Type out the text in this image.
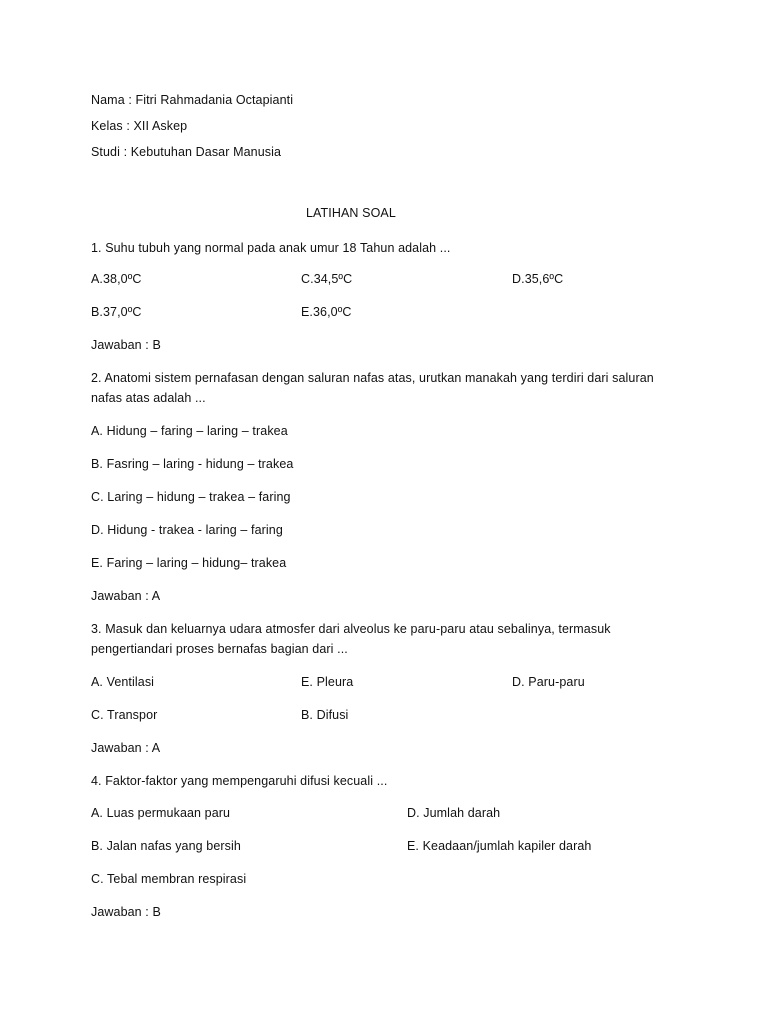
Nama : Fitri Rahmadania Octapianti
Kelas : XII Askep
Studi : Kebutuhan Dasar Manusia
LATIHAN SOAL
1. Suhu tubuh yang normal pada anak umur 18 Tahun adalah ...
A.38,0ºC	C.34,5ºC	D.35,6ºC
B.37,0ºC	E.36,0ºC
Jawaban : B
2. Anatomi sistem pernafasan dengan saluran nafas atas, urutkan manakah yang terdiri dari saluran
nafas atas adalah ...
A. Hidung – faring – laring – trakea
B. Fasring – laring - hidung – trakea
C. Laring – hidung – trakea – faring
D. Hidung - trakea - laring – faring
E. Faring – laring – hidung– trakea
Jawaban : A
3. Masuk dan keluarnya udara atmosfer dari alveolus ke paru-paru atau sebalinya, termasuk
pengertiandari proses bernafas bagian dari ...
A. Ventilasi	E. Pleura	D. Paru-paru
C. Transpor	B. Difusi
Jawaban : A
4. Faktor-faktor yang mempengaruhi difusi kecuali ...
A. Luas permukaan paru	D. Jumlah darah
B. Jalan nafas yang bersih	E. Keadaan/jumlah kapiler darah
C. Tebal membran respirasi
Jawaban : B
